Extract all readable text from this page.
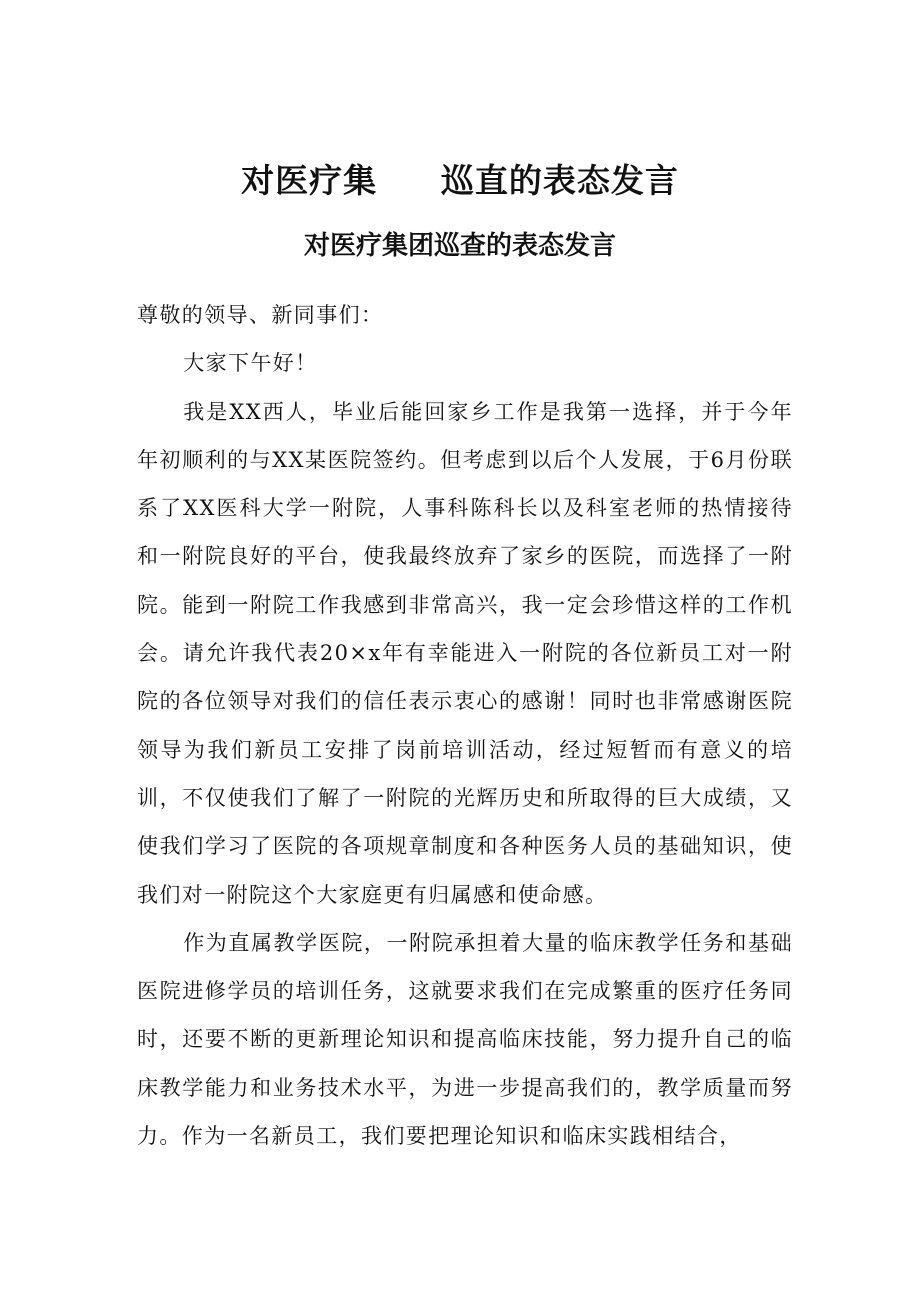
对医疗集	巡直的表态发言
对医疗集团巡查的表态发言

尊敬的领导、新同事们：

大家下午好！

我是XX西人，毕业后能回家乡工作是我第一选择，并于今年年初顺利的与XX某医院签约。但考虑到以后个人发展，于6月份联系了XX医科大学一附院，人事科陈科长以及科室老师的热情接待和一附院良好的平台，使我最终放弃了家乡的医院，而选择了一附院。能到一附院工作我感到非常高兴，我一定会珍惜这样的工作机会。请允许我代表20×x年有幸能进入一附院的各位新员工对一附院的各位领导对我们的信任表示衷心的感谢！同时也非常感谢医院领导为我们新员工安排了岗前培训活动，经过短暂而有意义的培训，不仅使我们了解了一附院的光辉历史和所取得的巨大成绩，又使我们学习了医院的各项规章制度和各种医务人员的基础知识，使我们对一附院这个大家庭更有归属感和使命感。

作为直属教学医院，一附院承担着大量的临床教学任务和基础医院进修学员的培训任务，这就要求我们在完成繁重的医疗任务同时，还要不断的更新理论知识和提高临床技能，努力提升自己的临床教学能力和业务技术水平，为进一步提高我们的，教学质量而努力。作为一名新员工，我们要把理论知识和临床实践相结合，
